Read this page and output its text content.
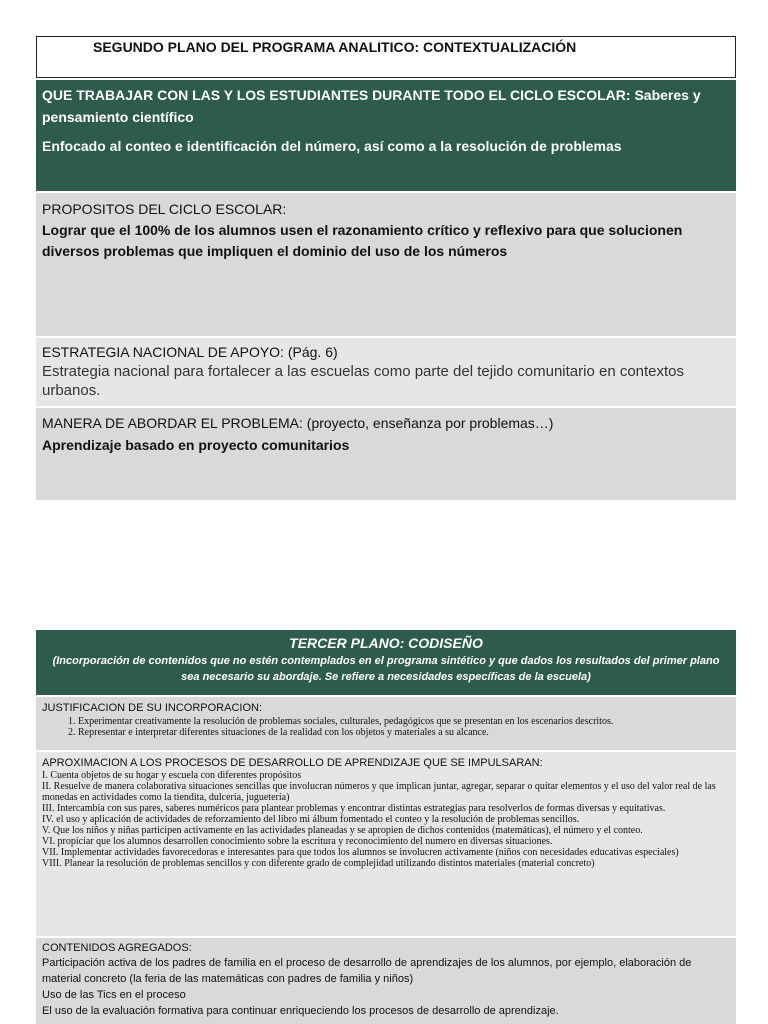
SEGUNDO PLANO DEL PROGRAMA ANALITICO: CONTEXTUALIZACIÓN

QUE TRABAJAR CON LAS Y LOS ESTUDIANTES DURANTE TODO EL CICLO ESCOLAR: Saberes y

pensamiento científico

Enfocado al conteo e identificación del número, así como a la resolución de problemas

PROPOSITOS DEL CICLO ESCOLAR:
Lograr que el 100% de los alumnos usen el razonamiento crítico y reflexivo para que solucionen diversos problemas que impliquen el dominio del uso de los números
ESTRATEGIA NACIONAL DE APOYO: (Pág. 6)
Estrategia nacional para fortalecer a las escuelas como parte del tejido comunitario en contextos urbanos.
MANERA DE ABORDAR EL PROBLEMA: (proyecto, enseñanza por problemas…)
Aprendizaje basado en proyecto comunitarios
TERCER PLANO: CODISEÑO
(Incorporación de contenidos que no estén contemplados en el programa sintético y que dados los resultados del primer plano sea necesario su abordaje. Se refiere a necesidades específicas de la escuela)
JUSTIFICACION DE SU INCORPORACION:
1. Experimentar creativamente la resolución de problemas sociales, culturales, pedagógicos que se presentan en los escenarios descritos.
2. Representar e interpretar diferentes situaciones de la realidad con los objetos y materiales a su alcance.
APROXIMACION A LOS PROCESOS DE DESARROLLO DE APRENDIZAJE QUE SE IMPULSARAN:
I. Cuenta objetos de su hogar y escuela con diferentes propósitos
II. Resuelve de manera colaborativa situaciones sencillas que involucran números y que implican juntar, agregar, separar o quitar elementos y el uso del valor real de las monedas en actividades como la tiendita, dulcería, juguetería)
III. Intercambia con sus pares, saberes numéricos para plantear problemas y encontrar distintas estrategias para resolverlos de formas diversas y equitativas.
IV. el uso y aplicación de actividades de reforzamiento del libro mi álbum fomentado el conteo y la resolución de problemas sencillos.
V. Que los niños y niñas participen activamente en las actividades planeadas y se apropien de dichos contenidos (matemáticas), el número y el conteo.
VI. propiciar que los alumnos desarrollen conocimiento sobre la escritura y reconocimiento del numero en diversas situaciones.
VII. Implementar actividades favorecedoras e interesantes para que todos los alumnos se involucren activamente (niños con necesidades educativas especiales)
VIII. Planear la resolución de problemas sencillos y con diferente grado de complejidad utilizando distintos materiales (material concreto)
CONTENIDOS AGREGADOS:
Participación activa de los padres de familia en el proceso de desarrollo de aprendizajes de los alumnos, por ejemplo, elaboración de material concreto (la feria de las matemáticas con padres de familia y niños)
Uso de las Tics en el proceso
El uso de la evaluación formativa para continuar enriqueciendo los procesos de desarrollo de aprendizaje.
